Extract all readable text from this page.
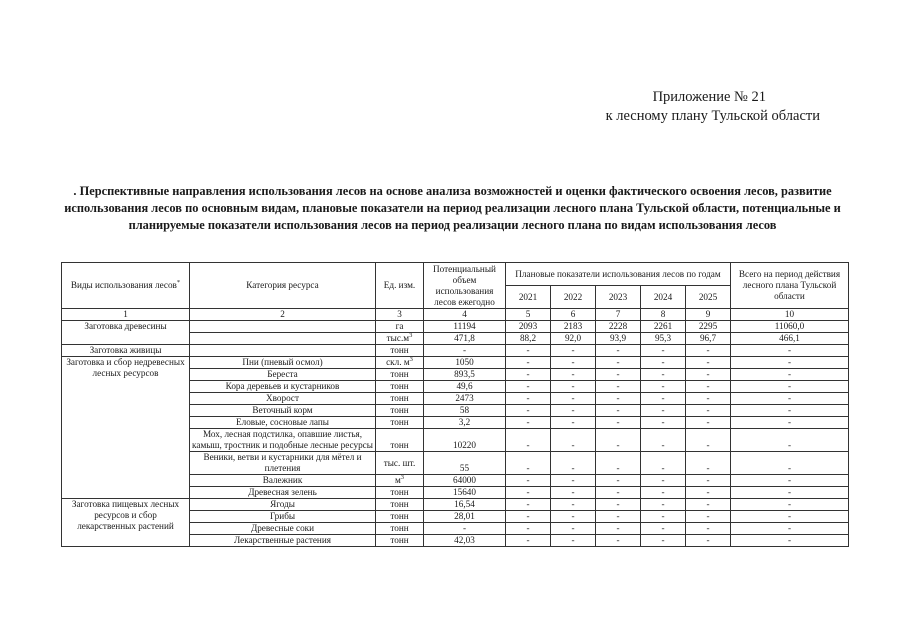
Приложение № 21
к лесному плану Тульской области
. Перспективные направления использования лесов на основе анализа возможностей и оценки фактического освоения лесов, развитие использования лесов по основным видам, плановые показатели на период реализации лесного плана Тульской области, потенциальные и планируемые показатели использования лесов на период реализации лесного плана по видам использования лесов
Виды использования лесов*	Категория ресурса	Ед. изм.	Потенциальный объем использования лесов ежегодно	Плановые показатели использования лесов по годам					Всего на период действия лесного плана Тульской области
				2021	2022	2023	2024	2025	
1	2	3	4	5	6	7	8	9	10
Заготовка древесины		га	11194	2093	2183	2228	2261	2295	11060,0
		$тыс.м^3$	471,8	88,2	92,0	93,9	95,3	96,7	466,1
Заготовка живицы		тонн	-	-	-	-	-	-	-
Заготовка и сбор недревесных лесных ресурсов	Пни (пневый осмол)	скл. $м^3$	1050	-	-	-	-	-	-
	Береста	тонн	893,5	-	-	-	-	-	-
	Кора деревьев и кустарников	тонн	49,6	-	-	-	-	-	-
	Хворост	тонн	2473	-	-	-	-	-	-
	Веточный корм	тонн	58	-	-	-	-	-	-
	Еловые, сосновые лапы	тонн	3,2	-	-	-	-	-	-
	Мох, лесная подстилка, опавшие листья, камыш, тростник и подобные лесные ресурсы	тонн	10220	-	-	-	-	-	-
	Веники, ветви и кустарники для мётел и плетения	тыс. шт.	55	-	-	-	-	-	-
	Валежник	$м^3$	64000	-	-	-	-	-	-
	Древесная зелень	тонн	15640	-	-	-	-	-	-
Заготовка пищевых лесных ресурсов и сбор лекарственных растений	Ягоды	тонн	16,54	-	-	-	-	-	-
	Грибы	тонн	28,01	-	-	-	-	-	-
	Древесные соки	тонн	-	-	-	-	-	-	-
	Лекарственные растения	тонн	42,03	-	-	-	-	-	-
